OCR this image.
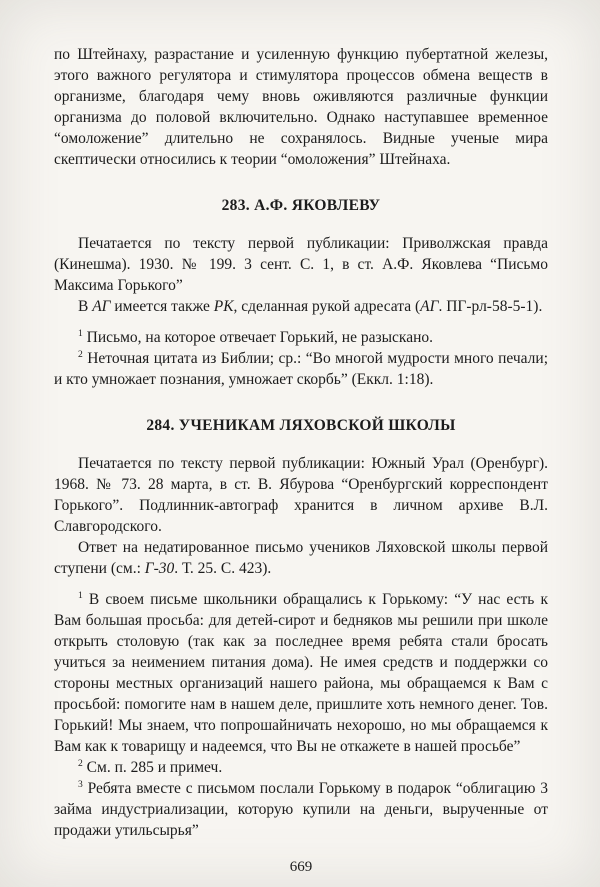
по Штейнаху, разрастание и усиленную функцию пубертатной железы, этого важного регулятора и стимулятора процессов обмена веществ в организме, благодаря чему вновь оживляются различные функции организма до половой включительно. Однако наступавшее временное “омоложение” длительно не сохранялось. Видные ученые мира скептически относились к теории “омоложения” Штейнаха.

283. А.Ф. ЯКОВЛЕВУ

Печатается по тексту первой публикации: Приволжская правда (Кинешма). 1930. № 199. 3 сент. С. 1, в ст. А.Ф. Яковлева “Письмо Максима Горького”

В АГ имеется также РК, сделанная рукой адресата (АГ. ПГ-рл-58-5-1).

$^1$ Письмо, на которое отвечает Горький, не разыскано.

$^2$ Неточная цитата из Библии; ср.: “Во многой мудрости много печали; и кто умножает познания, умножает скорбь” (Еккл. 1:18).

284. УЧЕНИКАМ ЛЯХОВСКОЙ ШКОЛЫ

Печатается по тексту первой публикации: Южный Урал (Оренбург). 1968. № 73. 28 марта, в ст. В. Ябурова “Оренбургский корреспондент Горького”. Подлинник-автограф хранится в личном архиве В.Л. Славгородского.

Ответ на недатированное письмо учеников Ляховской школы первой ступени (см.: Г-30. Т. 25. С. 423).

$^1$ В своем письме школьники обращались к Горькому: “У нас есть к Вам большая просьба: для детей-сирот и бедняков мы решили при школе открыть столовую (так как за последнее время ребята стали бросать учиться за неимением питания дома). Не имея средств и поддержки со стороны местных организаций нашего района, мы обращаемся к Вам с просьбой: помогите нам в нашем деле, пришлите хоть немного денег. Тов. Горький! Мы знаем, что попрошайничать нехорошо, но мы обращаемся к Вам как к товарищу и надеемся, что Вы не откажете в нашей просьбе”

$^2$ См. п. 285 и примеч.

$^3$ Ребята вместе с письмом послали Горькому в подарок “облигацию 3 займа индустриализации, которую купили на деньги, вырученные от продажи утильсырья”

669
